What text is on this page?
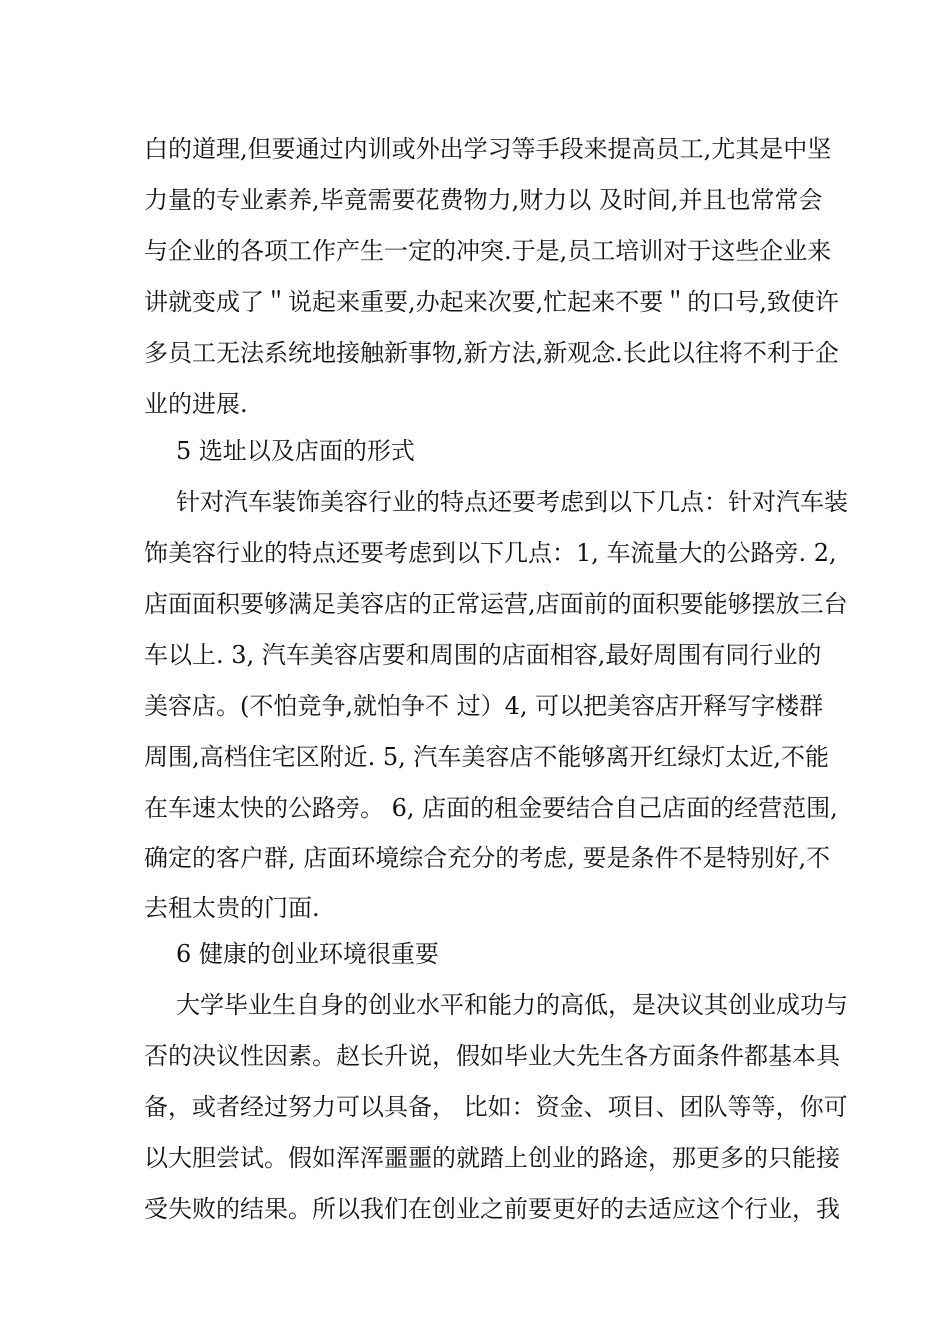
白的道理,但要通过内训或外出学习等手段来提高员工,尤其是中坚
力量的专业素养,毕竟需要花费物力,财力以 及时间,并且也常常会
与企业的各项工作产生一定的冲突.于是,员工培训对于这些企业来
讲就变成了＂说起来重要,办起来次要,忙起来不要＂的口号,致使许
多员工无法系统地接触新事物,新方法,新观念.长此以往将不利于企
业的进展.
5 选址以及店面的形式
针对汽车装饰美容行业的特点还要考虑到以下几点：针对汽车装
饰美容行业的特点还要考虑到以下几点：1, 车流量大的公路旁. 2,
店面面积要够满足美容店的正常运营,店面前的面积要能够摆放三台
车以上. 3, 汽车美容店要和周围的店面相容,最好周围有同行业的
美容店。(不怕竞争,就怕争不 过）4, 可以把美容店开释写字楼群
周围,高档住宅区附近. 5, 汽车美容店不能够离开红绿灯太近,不能
在车速太快的公路旁。 6, 店面的租金要结合自己店面的经营范围,
确定的客户群, 店面环境综合充分的考虑, 要是条件不是特别好,不
去租太贵的门面.
6 健康的创业环境很重要
大学毕业生自身的创业水平和能力的高低，是决议其创业成功与
否的决议性因素。赵长升说，假如毕业大先生各方面条件都基本具
备，或者经过努力可以具备， 比如：资金、项目、团队等等，你可
以大胆尝试。假如浑浑噩噩的就踏上创业的路途，那更多的只能接
受失败的结果。所以我们在创业之前要更好的去适应这个行业，我
